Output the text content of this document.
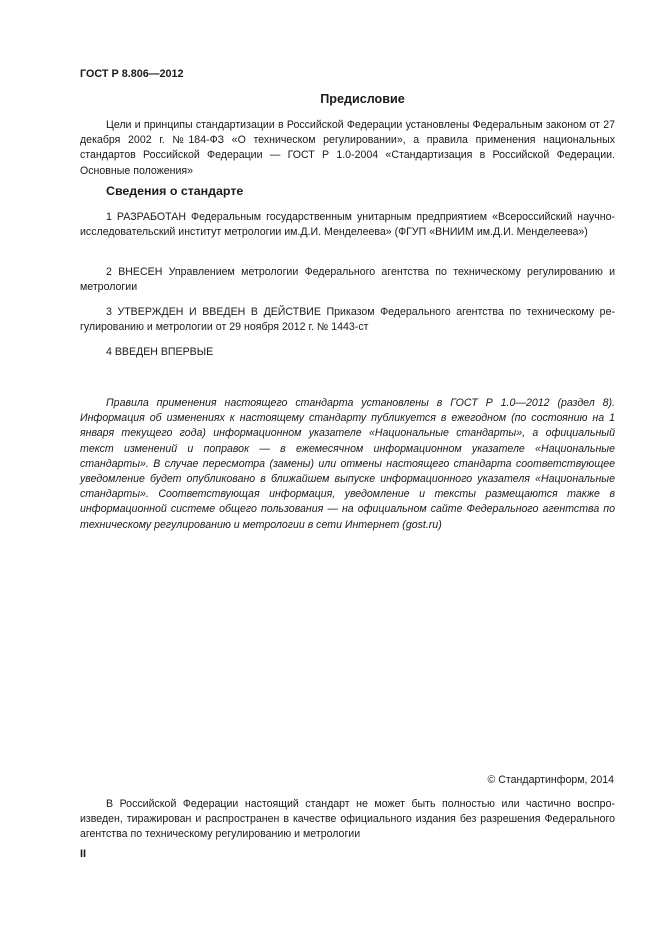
ГОСТ Р 8.806—2012
Предисловие

Цели и принципы стандартизации в Российской Федерации установлены Федеральным законом от 27 декабря 2002 г. №184-ФЗ «О техническом регулировании», а правила применения национальных стандартов Российской Федерации — ГОСТ Р 1.0-2004 «Стандартизация в Российской Федерации. Основные положения»

Сведения о стандарте

1 РАЗРАБОТАН Федеральным государственным унитарным предприятием «Всероссийский научно-исследовательский институт метрологии им.Д.И. Менделеева» (ФГУП «ВНИИМ им.Д.И. Менделеева»)

2 ВНЕСЕН Управлением метрологии Федерального агентства по техническому регулированию и метрологии

3 УТВЕРЖДЕН И ВВЕДЕН В ДЕЙСТВИЕ Приказом Федерального агентства по техническому регулированию и метрологии от 29 ноября 2012 г. № 1443-ст

4 ВВЕДЕН ВПЕРВЫЕ

Правила применения настоящего стандарта установлены в ГОСТ Р 1.0—2012 (раздел 8). Информация об изменениях к настоящему стандарту публикуется в ежегодном (по состоянию на 1 января текущего года) информационном указателе «Национальные стандарты», а официальный текст изменений и поправок — в ежемесячном информационном указателе «Национальные стандарты». В случае пересмотра (замены) или отмены настоящего стандарта соответствующее уведомление будет опубликовано в ближайшем выпуске информационного указателя «Национальные стандарты». Соответствующая информация, уведомление и тексты размещаются также в информационной системе общего пользования — на официальном сайте Федерального агентства по техническому регулированию и метрологии в сети Интернет (gost.ru)

© Стандартинформ, 2014

В Российской Федерации настоящий стандарт не может быть полностью или частично воспроизведен, тиражирован и распространен в качестве официального издания без разрешения Федерального агентства по техническому регулированию и метрологии

II
